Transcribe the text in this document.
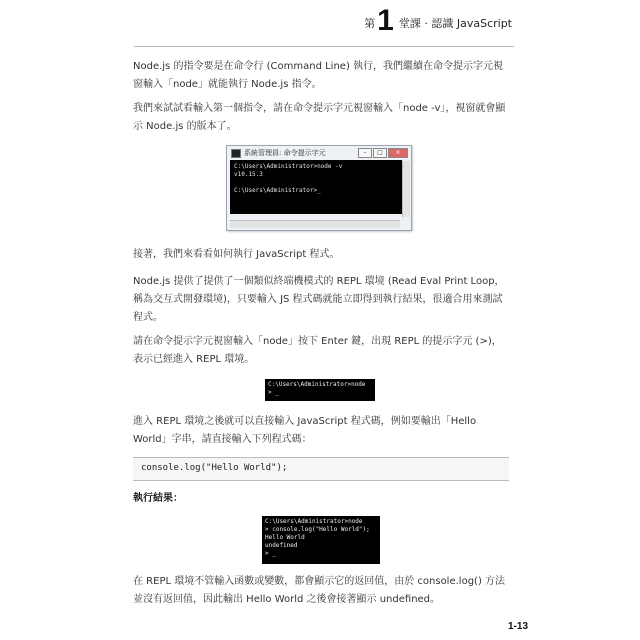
第 1 堂課 · 認識 JavaScript
Node.js 的指令要是在命令行 (Command Line) 執行，我們繼續在命令提示字元視窗輸入「node」就能執行 Node.js 指令。
我們來試試看輸入第一個指令，請在命令提示字元視窗輸入「node -v」，視窗就會顯示 Node.js 的版本了。
系統管理員: 命令提示字元	–	□	×
C:\Users\Administrator>node -v
v10.15.3

C:\Users\Administrator>_
接著，我們來看看如何執行 JavaScript 程式。
Node.js 提供了提供了一個類似終端機模式的 REPL 環境 (Read Eval Print Loop，稱為交互式開發環境)，只要輸入 JS 程式碼就能立即得到執行結果，很適合用來測試程式。
請在命令提示字元視窗輸入「node」按下 Enter 鍵，出現 REPL 的提示字元 (>)，表示已經進入 REPL 環境。
C:\Users\Administrator>node
> _
進入 REPL 環境之後就可以直接輸入 JavaScript 程式碼，例如要輸出「Hello World」字串，請直接輸入下列程式碼：
console.log("Hello World");
執行結果：
C:\Users\Administrator>node
> console.log("Hello World");
Hello World
undefined
> _
在 REPL 環境不管輸入函數或變數，都會顯示它的返回值，由於 console.log() 方法並沒有返回值，因此輸出 Hello World 之後會接著顯示 undefined。
1-13
